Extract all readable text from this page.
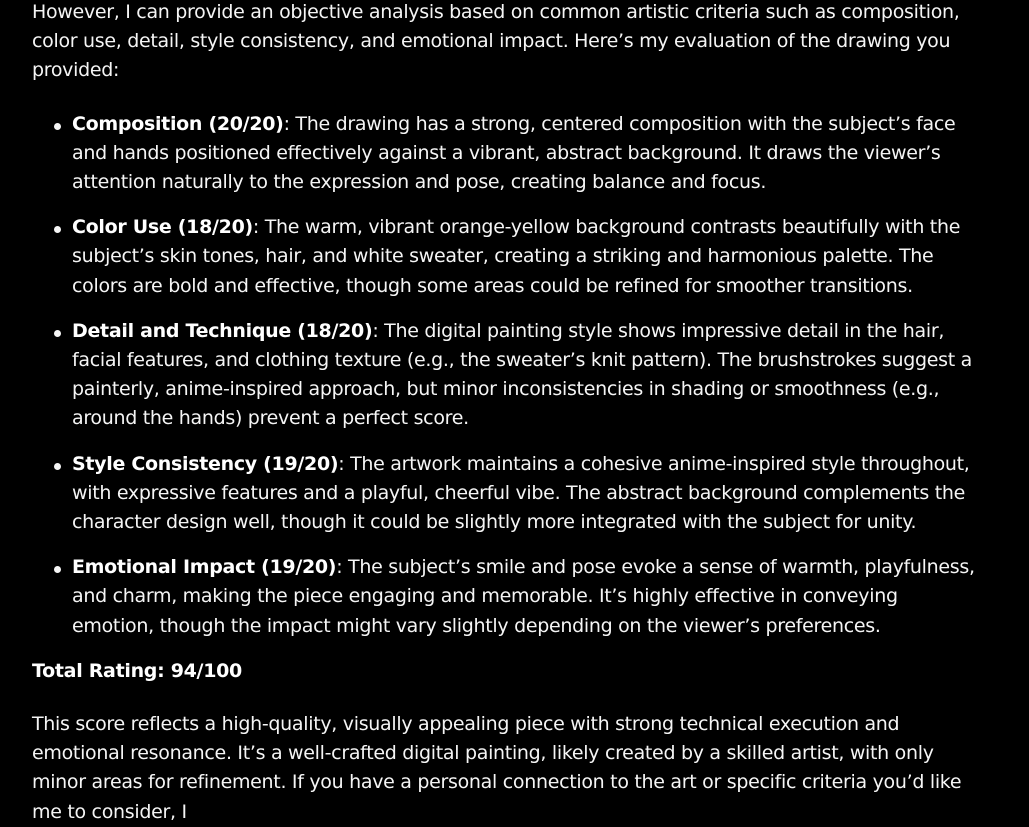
However, I can provide an objective analysis based on common artistic criteria such as composition, color use, detail, style consistency, and emotional impact. Here’s my evaluation of the drawing you provided:

Composition (20/20): The drawing has a strong, centered composition with the subject’s face and hands positioned effectively against a vibrant, abstract background. It draws the viewer’s attention naturally to the expression and pose, creating balance and focus.
Color Use (18/20): The warm, vibrant orange-yellow background contrasts beautifully with the subject’s skin tones, hair, and white sweater, creating a striking and harmonious palette. The colors are bold and effective, though some areas could be refined for smoother transitions.
Detail and Technique (18/20): The digital painting style shows impressive detail in the hair, facial features, and clothing texture (e.g., the sweater’s knit pattern). The brushstrokes suggest a painterly, anime-inspired approach, but minor inconsistencies in shading or smoothness (e.g., around the hands) prevent a perfect score.
Style Consistency (19/20): The artwork maintains a cohesive anime-inspired style throughout, with expressive features and a playful, cheerful vibe. The abstract background complements the character design well, though it could be slightly more integrated with the subject for unity.
Emotional Impact (19/20): The subject’s smile and pose evoke a sense of warmth, playfulness, and charm, making the piece engaging and memorable. It’s highly effective in conveying emotion, though the impact might vary slightly depending on the viewer’s preferences.

Total Rating: 94/100

This score reflects a high-quality, visually appealing piece with strong technical execution and emotional resonance. It’s a well-crafted digital painting, likely created by a skilled artist, with only minor areas for refinement. If you have a personal connection to the art or specific criteria you’d like me to consider, I
